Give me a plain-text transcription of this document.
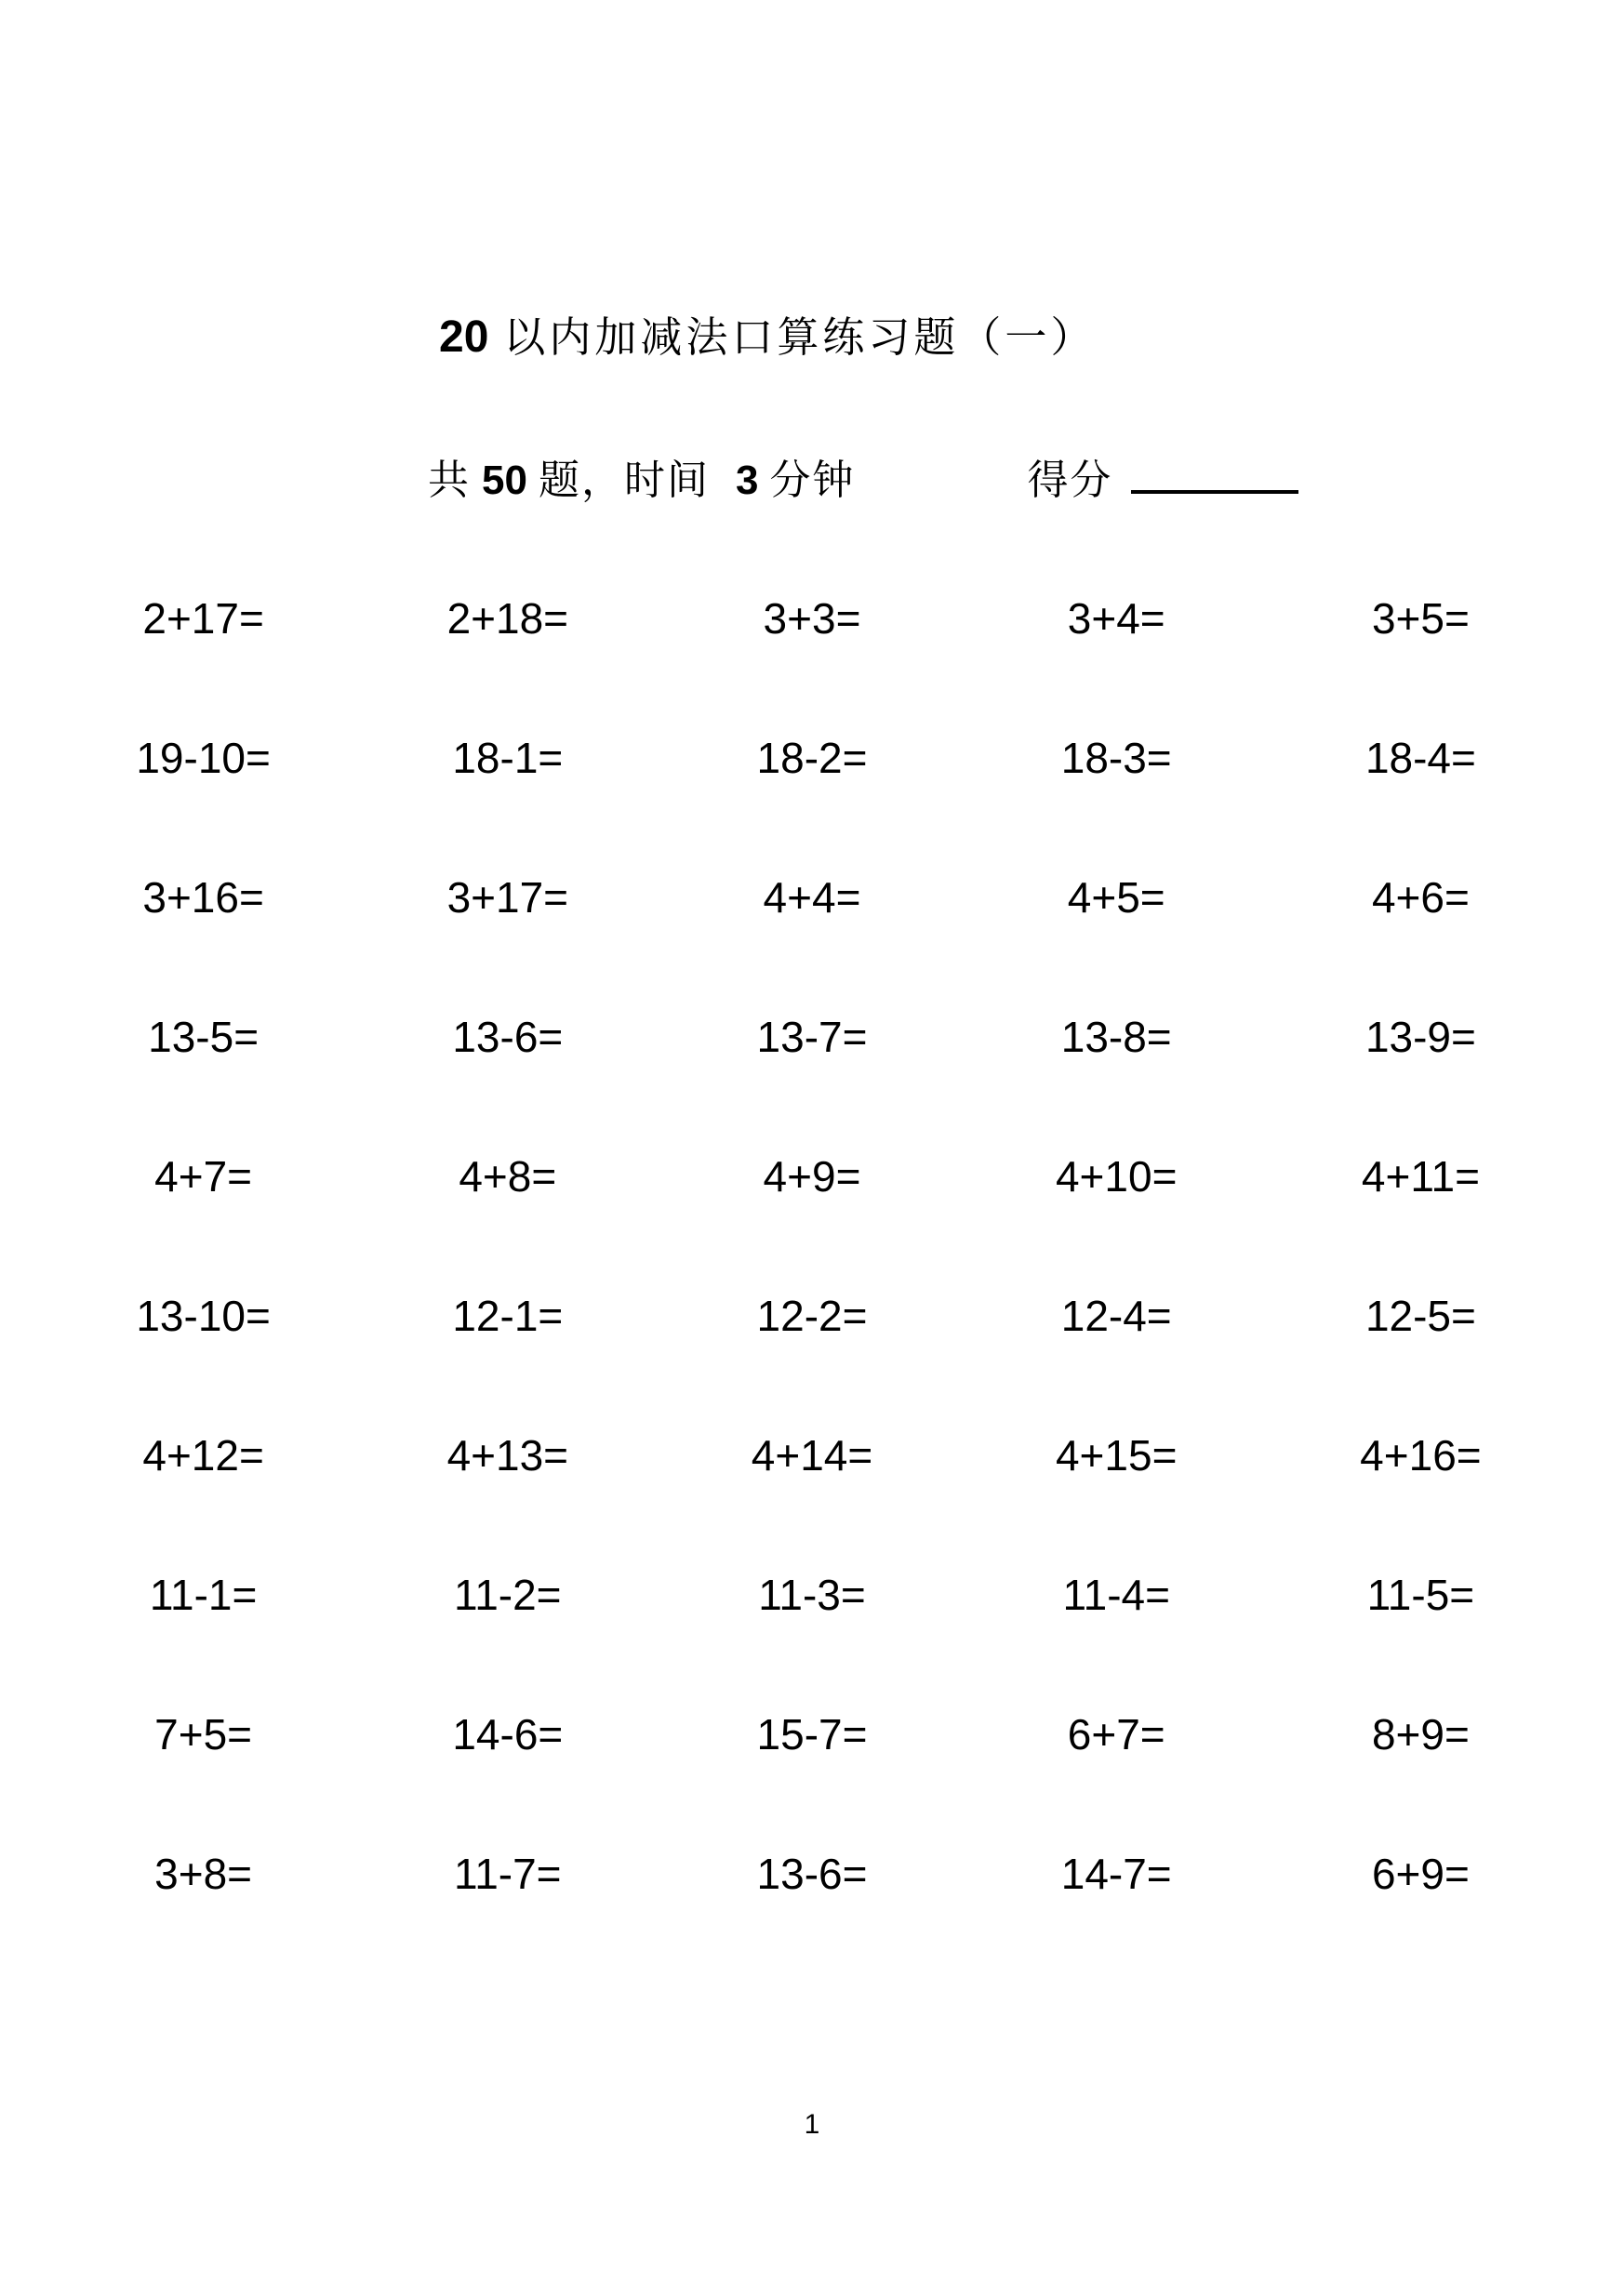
20 以内加减法口算练习题（一）
共 50 题，时间 3 分钟	得分
2+17=	2+18=	3+3=	3+4=	3+5=
19-10=	18-1=	18-2=	18-3=	18-4=
3+16=	3+17=	4+4=	4+5=	4+6=
13-5=	13-6=	13-7=	13-8=	13-9=
4+7=	4+8=	4+9=	4+10=	4+11=
13-10=	12-1=	12-2=	12-4=	12-5=
4+12=	4+13=	4+14=	4+15=	4+16=
11-1=	11-2=	11-3=	11-4=	11-5=
7+5=	14-6=	15-7=	6+7=	8+9=
3+8=	11-7=	13-6=	14-7=	6+9=
1
